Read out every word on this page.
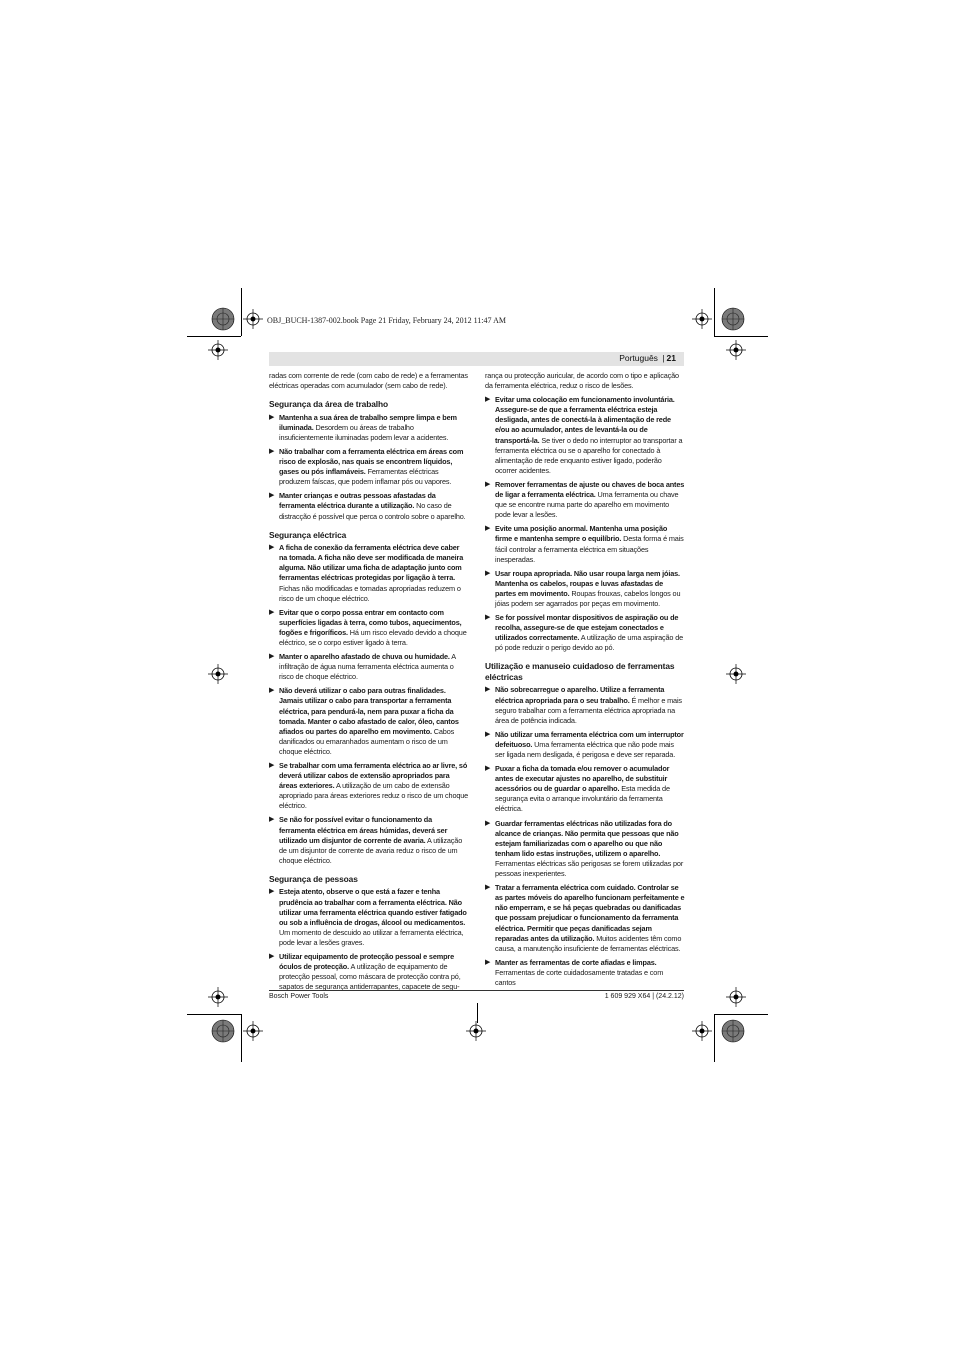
OBJ_BUCH-1387-002.book Page 21 Friday, February 24, 2012 11:47 AM
Português | 21

radas com corrente de rede (com cabo de rede) e a ferramentas eléctricas operadas com acumulador (sem cabo de rede).

Segurança da área de trabalho
▶ Mantenha a sua área de trabalho sempre limpa e bem iluminada. Desordem ou áreas de trabalho insuficientemente iluminadas podem levar a acidentes.
▶ Não trabalhar com a ferramenta eléctrica em áreas com risco de explosão, nas quais se encontrem líquidos, gases ou pós inflamáveis. Ferramentas eléctricas produzem faíscas, que podem inflamar pós ou vapores.
▶ Manter crianças e outras pessoas afastadas da ferramenta eléctrica durante a utilização. No caso de distracção é possível que perca o controlo sobre o aparelho.
Segurança eléctrica
▶ A ficha de conexão da ferramenta eléctrica deve caber na tomada. A ficha não deve ser modificada de maneira alguma. Não utilizar uma ficha de adaptação junto com ferramentas eléctricas protegidas por ligação à terra. Fichas não modificadas e tomadas apropriadas reduzem o risco de um choque eléctrico.
▶ Evitar que o corpo possa entrar em contacto com superfícies ligadas à terra, como tubos, aquecimentos, fogões e frigoríficos. Há um risco elevado devido a choque eléctrico, se o corpo estiver ligado à terra.
▶ Manter o aparelho afastado de chuva ou humidade. A infiltração de água numa ferramenta eléctrica aumenta o risco de choque eléctrico.
▶ Não deverá utilizar o cabo para outras finalidades. Jamais utilizar o cabo para transportar a ferramenta eléctrica, para pendurá-la, nem para puxar a ficha da tomada. Manter o cabo afastado de calor, óleo, cantos afiados ou partes do aparelho em movimento. Cabos danificados ou emaranhados aumentam o risco de um choque eléctrico.
▶ Se trabalhar com uma ferramenta eléctrica ao ar livre, só deverá utilizar cabos de extensão apropriados para áreas exteriores. A utilização de um cabo de extensão apropriado para áreas exteriores reduz o risco de um choque eléctrico.
▶ Se não for possível evitar o funcionamento da ferramenta eléctrica em áreas húmidas, deverá ser utilizado um disjuntor de corrente de avaria. A utilização de um disjuntor de corrente de avaria reduz o risco de um choque eléctrico.
Segurança de pessoas
▶ Esteja atento, observe o que está a fazer e tenha prudência ao trabalhar com a ferramenta eléctrica. Não utilizar uma ferramenta eléctrica quando estiver fatigado ou sob a influência de drogas, álcool ou medicamentos. Um momento de descuido ao utilizar a ferramenta eléctrica, pode levar a lesões graves.
▶ Utilizar equipamento de protecção pessoal e sempre óculos de protecção. A utilização de equipamento de protecção pessoal, como máscara de protecção contra pó, sapatos de segurança antiderrapantes, capacete de segu-

rança ou protecção auricular, de acordo com o tipo e aplicação da ferramenta eléctrica, reduz o risco de lesões.

▶ Evitar uma colocação em funcionamento involuntária. Assegure-se de que a ferramenta eléctrica esteja desligada, antes de conectá-la à alimentação de rede e/ou ao acumulador, antes de levantá-la ou de transportá-la. Se tiver o dedo no interruptor ao transportar a ferramenta eléctrica ou se o aparelho for conectado à alimentação de rede enquanto estiver ligado, poderão ocorrer acidentes.
▶ Remover ferramentas de ajuste ou chaves de boca antes de ligar a ferramenta eléctrica. Uma ferramenta ou chave que se encontre numa parte do aparelho em movimento pode levar a lesões.
▶ Evite uma posição anormal. Mantenha uma posição firme e mantenha sempre o equilíbrio. Desta forma é mais fácil controlar a ferramenta eléctrica em situações inesperadas.
▶ Usar roupa apropriada. Não usar roupa larga nem jóias. Mantenha os cabelos, roupas e luvas afastadas de partes em movimento. Roupas frouxas, cabelos longos ou jóias podem ser agarrados por peças em movimento.
▶ Se for possível montar dispositivos de aspiração ou de recolha, assegure-se de que estejam conectados e utilizados correctamente. A utilização de uma aspiração de pó pode reduzir o perigo devido ao pó.
Utilização e manuseio cuidadoso de ferramentas eléctricas
▶ Não sobrecarregue o aparelho. Utilize a ferramenta eléctrica apropriada para o seu trabalho. É melhor e mais seguro trabalhar com a ferramenta eléctrica apropriada na área de potência indicada.
▶ Não utilizar uma ferramenta eléctrica com um interruptor defeituoso. Uma ferramenta eléctrica que não pode mais ser ligada nem desligada, é perigosa e deve ser reparada.
▶ Puxar a ficha da tomada e/ou remover o acumulador antes de executar ajustes no aparelho, de substituir acessórios ou de guardar o aparelho. Esta medida de segurança evita o arranque involuntário da ferramenta eléctrica.
▶ Guardar ferramentas eléctricas não utilizadas fora do alcance de crianças. Não permita que pessoas que não estejam familiarizadas com o aparelho ou que não tenham lido estas instruções, utilizem o aparelho. Ferramentas eléctricas são perigosas se forem utilizadas por pessoas inexperientes.
▶ Tratar a ferramenta eléctrica com cuidado. Controlar se as partes móveis do aparelho funcionam perfeitamente e não emperram, e se há peças quebradas ou danificadas que possam prejudicar o funcionamento da ferramenta eléctrica. Permitir que peças danificadas sejam reparadas antes da utilização. Muitos acidentes têm como causa, a manutenção insuficiente de ferramentas eléctricas.
▶ Manter as ferramentas de corte afiadas e limpas. Ferramentas de corte cuidadosamente tratadas e com cantos
Bosch Power Tools	1 609 929 X64 | (24.2.12)
